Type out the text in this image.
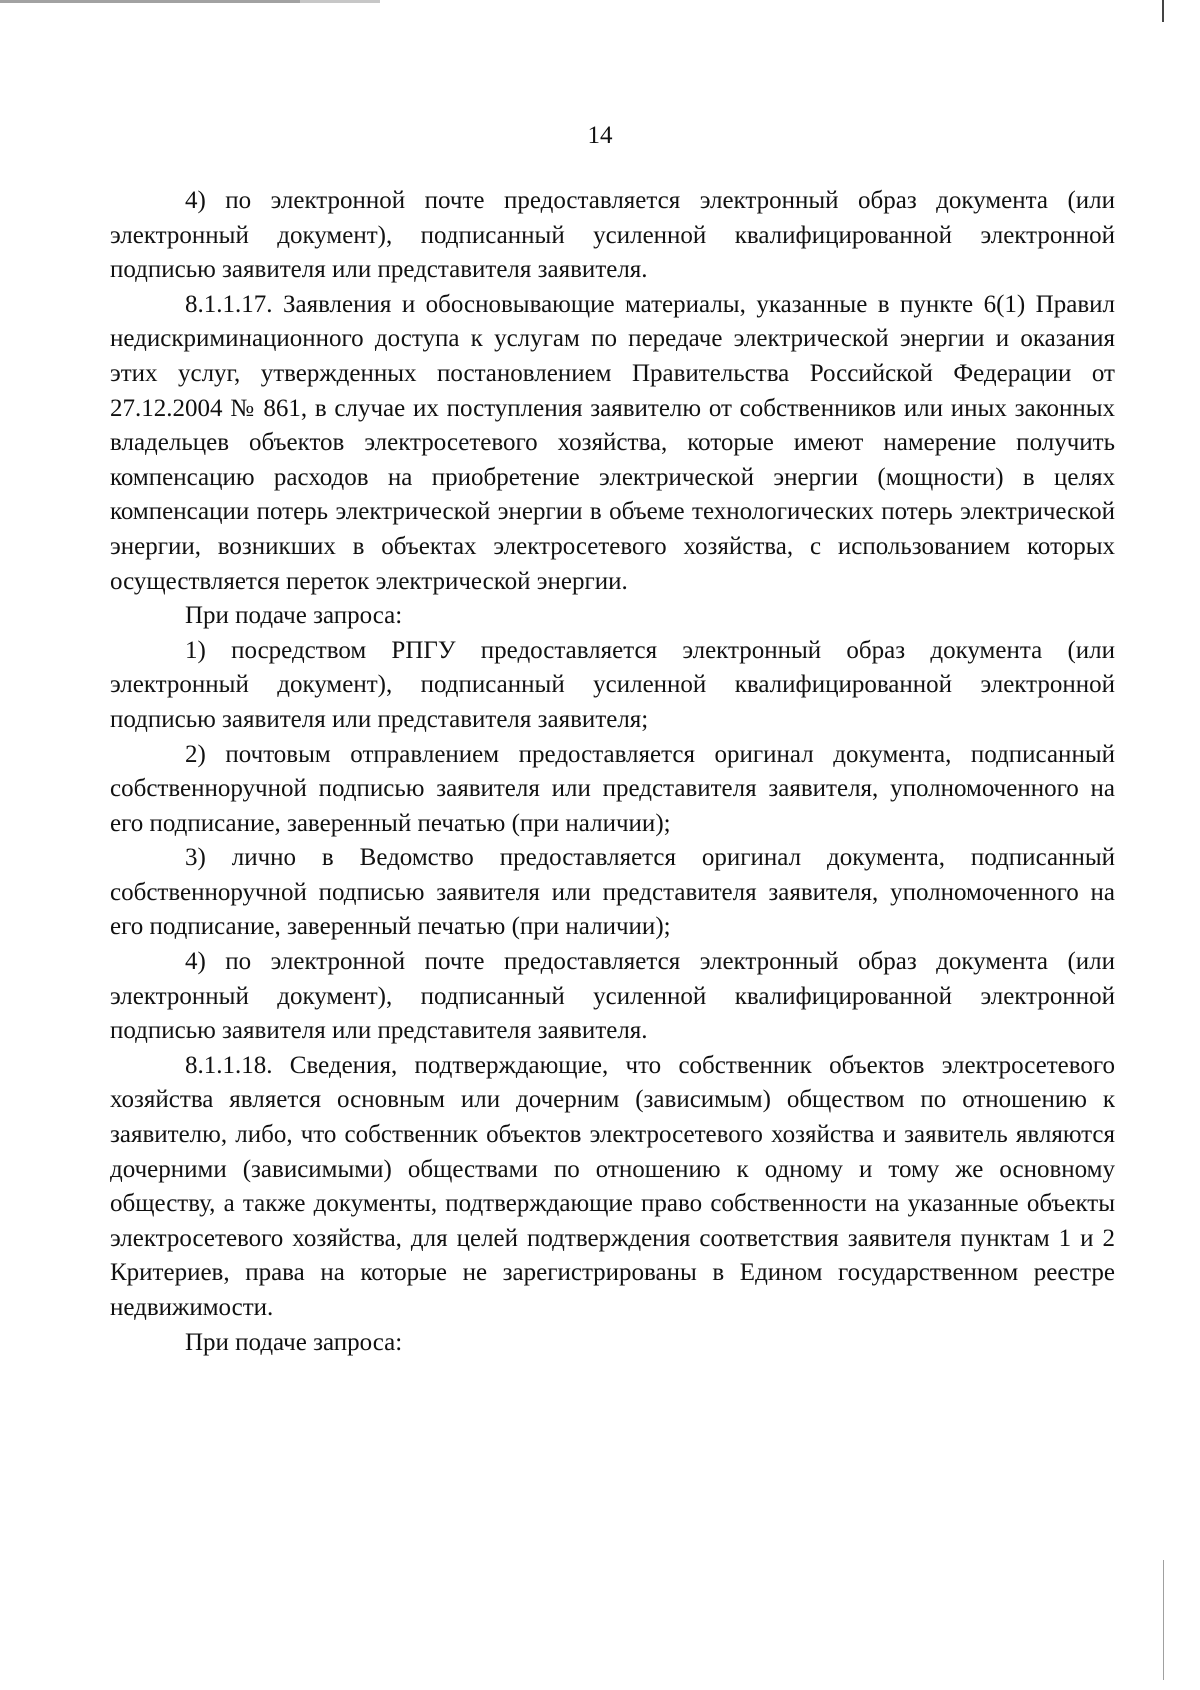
14

4) по электронной почте предоставляется электронный образ документа (или электронный документ), подписанный усиленной квалифицированной электронной подписью заявителя или представителя заявителя.

8.1.1.17. Заявления и обосновывающие материалы, указанные в пункте 6(1) Правил недискриминационного доступа к услугам по передаче электрической энергии и оказания этих услуг, утвержденных постановлением Правительства Российской Федерации от 27.12.2004 № 861, в случае их поступления заявителю от собственников или иных законных владельцев объектов электросетевого хозяйства, которые имеют намерение получить компенсацию расходов на приобретение электрической энергии (мощности) в целях компенсации потерь электрической энергии в объеме технологических потерь электрической энергии, возникших в объектах электросетевого хозяйства, с использованием которых осуществляется переток электрической энергии.

При подаче запроса:

1) посредством РПГУ предоставляется электронный образ документа (или электронный документ), подписанный усиленной квалифицированной электронной подписью заявителя или представителя заявителя;

2) почтовым отправлением предоставляется оригинал документа, подписанный собственноручной подписью заявителя или представителя заявителя, уполномоченного на его подписание, заверенный печатью (при наличии);

3) лично в Ведомство предоставляется оригинал документа, подписанный собственноручной подписью заявителя или представителя заявителя, уполномоченного на его подписание, заверенный печатью (при наличии);

4) по электронной почте предоставляется электронный образ документа (или электронный документ), подписанный усиленной квалифицированной электронной подписью заявителя или представителя заявителя.

8.1.1.18. Сведения, подтверждающие, что собственник объектов электросетевого хозяйства является основным или дочерним (зависимым) обществом по отношению к заявителю, либо, что собственник объектов электросетевого хозяйства и заявитель являются дочерними (зависимыми) обществами по отношению к одному и тому же основному обществу, а также документы, подтверждающие право собственности на указанные объекты электросетевого хозяйства, для целей подтверждения соответствия заявителя пунктам 1 и 2 Критериев, права на которые не зарегистрированы в Едином государственном реестре недвижимости.

При подаче запроса:
